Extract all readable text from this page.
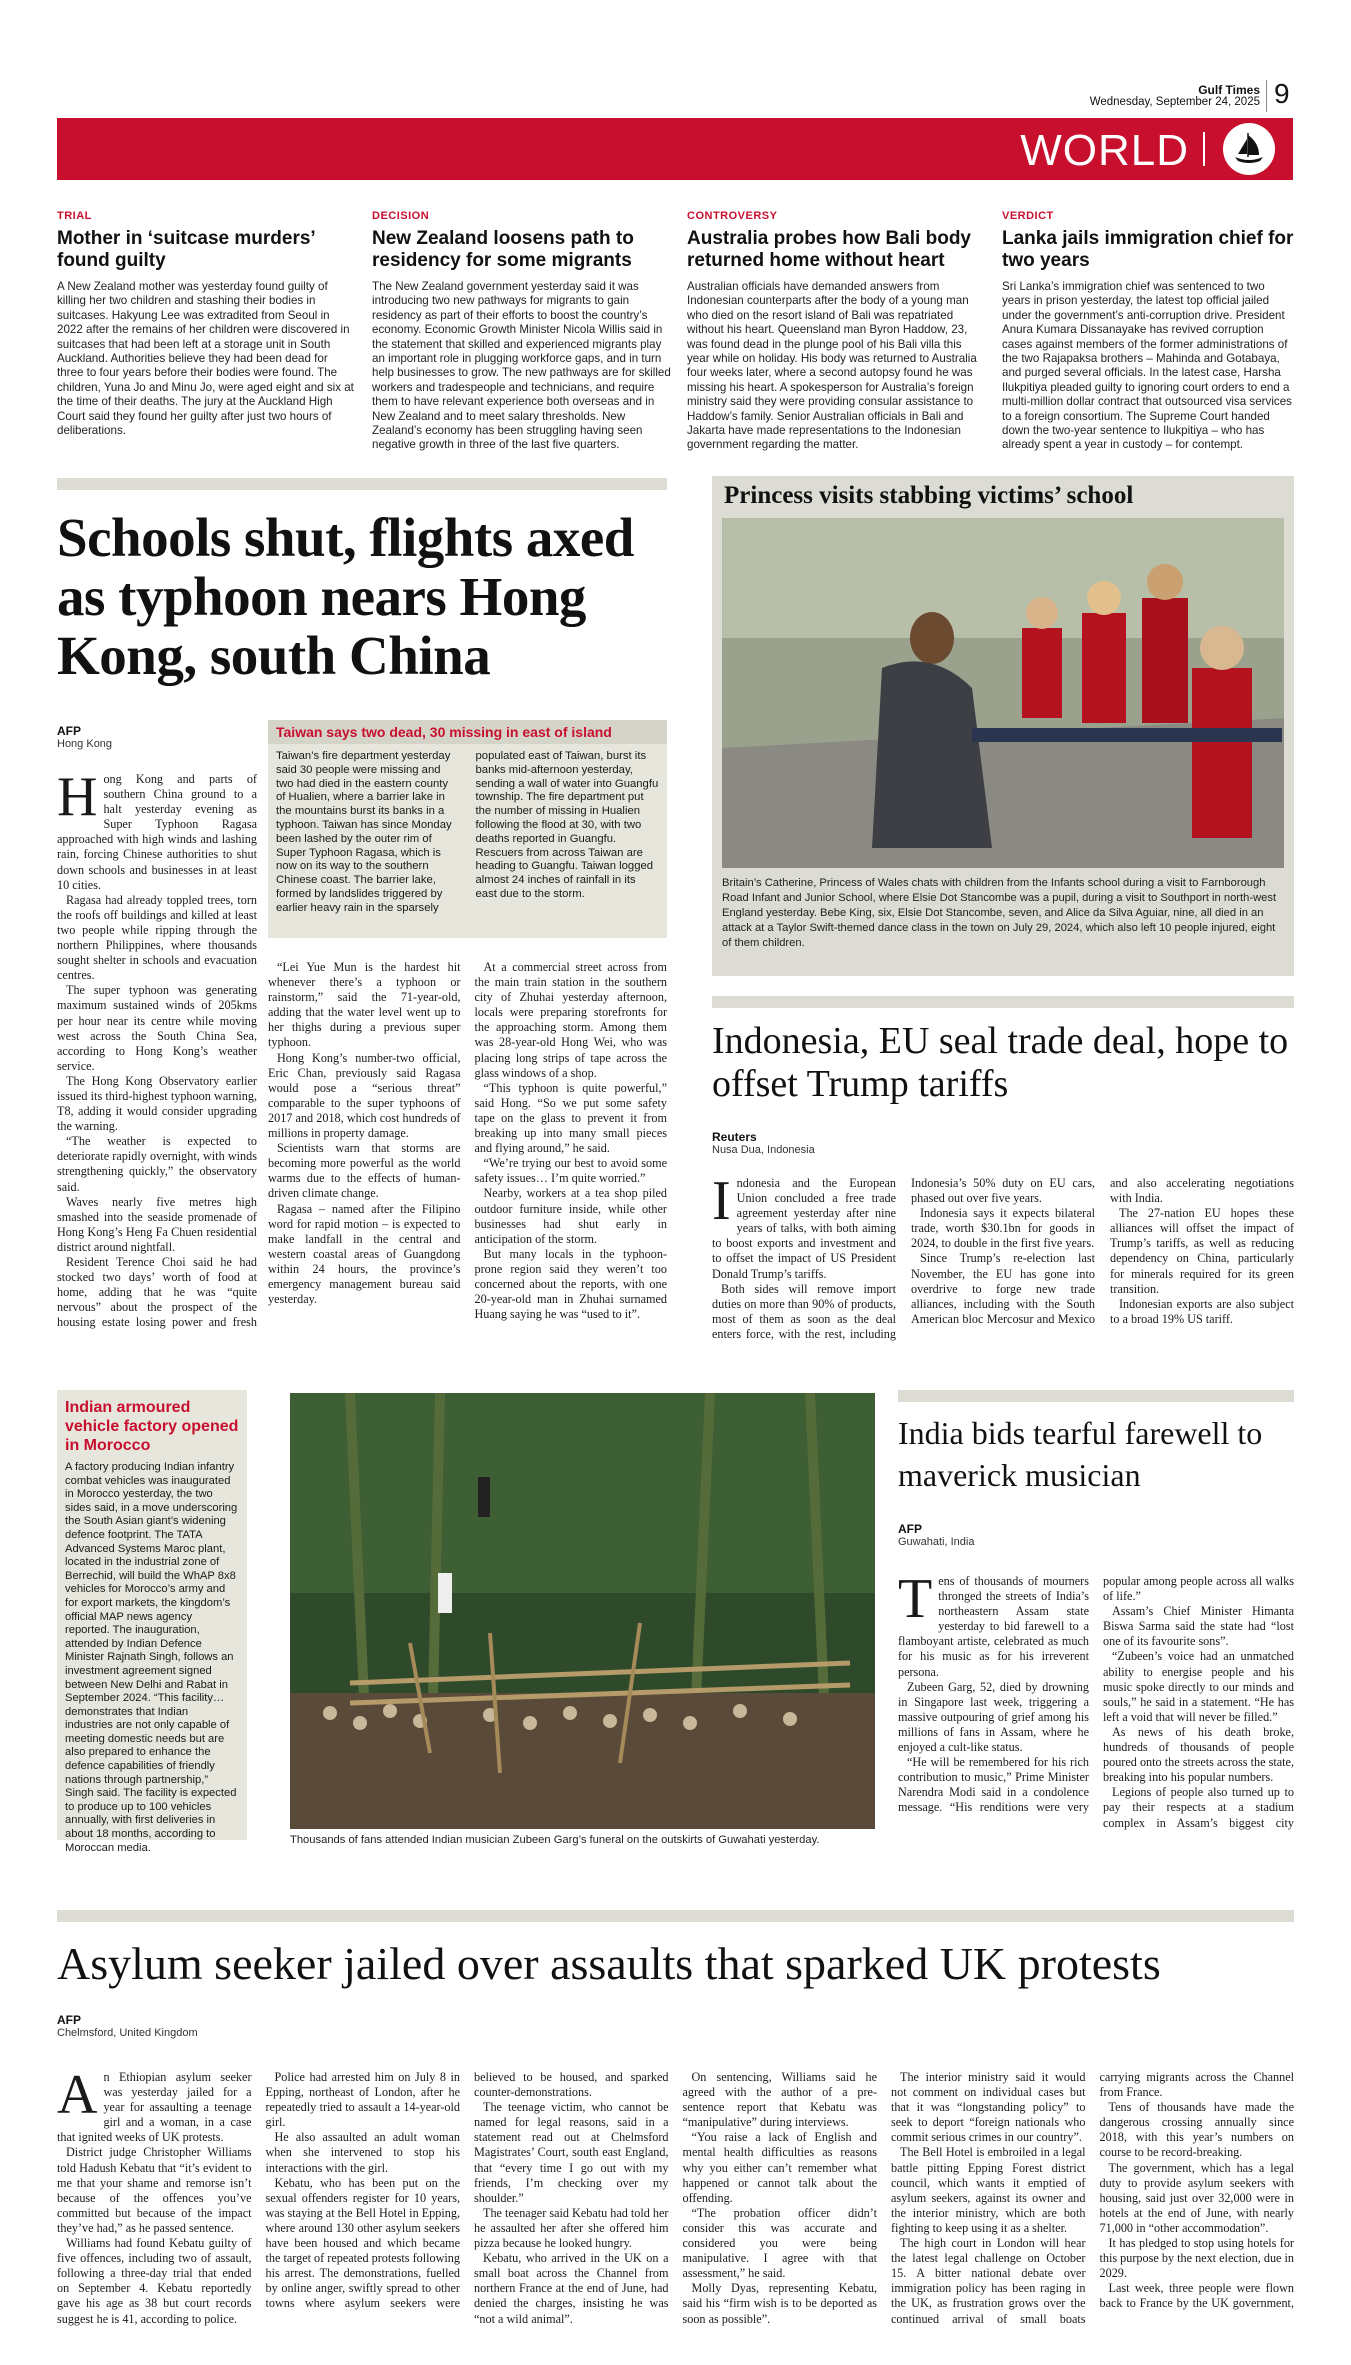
Gulf Times
Wednesday, September 24, 2025 9
WORLD
TRIAL
Mother in ‘suitcase murders’ found guilty
A New Zealand mother was yesterday found guilty of killing her two children and stashing their bodies in suitcases. Hakyung Lee was extradited from Seoul in 2022 after the remains of her children were discovered in suitcases that had been left at a storage unit in South Auckland. Authorities believe they had been dead for three to four years before their bodies were found. The children, Yuna Jo and Minu Jo, were aged eight and six at the time of their deaths. The jury at the Auckland High Court said they found her guilty after just two hours of deliberations.
DECISION
New Zealand loosens path to residency for some migrants
The New Zealand government yesterday said it was introducing two new pathways for migrants to gain residency as part of their efforts to boost the country’s economy. Economic Growth Minister Nicola Willis said in the statement that skilled and experienced migrants play an important role in plugging workforce gaps, and in turn help businesses to grow. The new pathways are for skilled workers and tradespeople and technicians, and require them to have relevant experience both overseas and in New Zealand and to meet salary thresholds. New Zealand’s economy has been struggling having seen negative growth in three of the last five quarters.
CONTROVERSY
Australia probes how Bali body returned home without heart
Australian officials have demanded answers from Indonesian counterparts after the body of a young man who died on the resort island of Bali was repatriated without his heart. Queensland man Byron Haddow, 23, was found dead in the plunge pool of his Bali villa this year while on holiday. His body was returned to Australia four weeks later, where a second autopsy found he was missing his heart. A spokesperson for Australia’s foreign ministry said they were providing consular assistance to Haddow’s family. Senior Australian officials in Bali and Jakarta have made representations to the Indonesian government regarding the matter.
VERDICT
Lanka jails immigration chief for two years
Sri Lanka’s immigration chief was sentenced to two years in prison yesterday, the latest top official jailed under the government’s anti-corruption drive. President Anura Kumara Dissanayake has revived corruption cases against members of the former administrations of the two Rajapaksa brothers – Mahinda and Gotabaya, and purged several officials. In the latest case, Harsha Ilukpitiya pleaded guilty to ignoring court orders to end a multi-million dollar contract that outsourced visa services to a foreign consortium. The Supreme Court handed down the two-year sentence to Ilukpitiya – who has already spent a year in custody – for contempt.
Schools shut, flights axed as typhoon nears Hong Kong, south China
AFP
Hong Kong
H ong Kong and parts of southern China ground to a halt yesterday evening as Super Typhoon Ragasa approached with high winds and lashing rain, forcing Chinese authorities to shut down schools and businesses in at least 10 cities.

Ragasa had already toppled trees, torn the roofs off buildings and killed at least two people while ripping through the northern Philippines, where thousands sought shelter in schools and evacuation centres.

The super typhoon was generating maximum sustained winds of 205kms per hour near its centre while moving west across the South China Sea, according to Hong Kong’s weather service.

The Hong Kong Observatory earlier issued its third-highest typhoon warning, T8, adding it would consider upgrading the warning.

“The weather is expected to deteriorate rapidly overnight, with winds strengthening quickly,” the observatory said.

Waves nearly five metres high smashed into the seaside promenade of Hong Kong’s Heng Fa Chuen residential district around nightfall.

Resident Terence Choi said he had stocked two days’ worth of food at home, adding that he was “quite nervous” about the prospect of the housing estate losing power and fresh

Taiwan says two dead, 30 missing in east of island
Taiwan’s fire department yesterday said 30 people were missing and two had died in the eastern county of Hualien, where a barrier lake in the mountains burst its banks in a typhoon. Taiwan has since Monday been lashed by the outer rim of Super Typhoon Ragasa, which is now on its way to the southern Chinese coast. The barrier lake, formed by landslides triggered by earlier heavy rain in the sparsely populated east of Taiwan, burst its banks mid-afternoon yesterday, sending a wall of water into Guangfu township. The fire department put the number of missing in Hualien following the flood at 30, with two deaths reported in Guangfu. Rescuers from across Taiwan are heading to Guangfu. Taiwan logged almost 24 inches of rainfall in its east due to the storm.

“Lei Yue Mun is the hardest hit whenever there’s a typhoon or rainstorm,” said the 71-year-old, adding that the water level went up to her thighs during a previous super typhoon.

Hong Kong’s number-two official, Eric Chan, previously said Ragasa would pose a “serious threat” comparable to the super typhoons of 2017 and 2018, which cost hundreds of millions in property damage.

Scientists warn that storms are becoming more powerful as the world warms due to the effects of human-driven climate change.

Ragasa – named after the Filipino word for rapid motion – is expected to make landfall in the central and western coastal areas of Guangdong within 24 hours, the province’s emergency management bureau said yesterday.

At a commercial street across from the main train station in the southern city of Zhuhai yesterday afternoon, locals were preparing storefronts for the approaching storm. Among them was 28-year-old Hong Wei, who was placing long strips of tape across the glass windows of a shop.

“This typhoon is quite powerful,” said Hong. “So we put some safety tape on the glass to prevent it from breaking up into many small pieces and flying around,” he said.

“We’re trying our best to avoid some safety issues… I’m quite worried.”

Nearby, workers at a tea shop piled outdoor furniture inside, while other businesses had shut early in anticipation of the storm.

But many locals in the typhoon-prone region said they weren’t too concerned about the reports, with one 20-year-old man in Zhuhai surnamed Huang saying he was “used to it”.

Princess visits stabbing victims’ school
Britain’s Catherine, Princess of Wales chats with children from the Infants school during a visit to Farnborough Road Infant and Junior School, where Elsie Dot Stancombe was a pupil, during a visit to Southport in north-west England yesterday. Bebe King, six, Elsie Dot Stancombe, seven, and Alice da Silva Aguiar, nine, all died in an attack at a Taylor Swift-themed dance class in the town on July 29, 2024, which also left 10 people injured, eight of them children.
Indonesia, EU seal trade deal, hope to offset Trump tariffs
Reuters
Nusa Dua, Indonesia
I ndonesia and the European Union concluded a free trade agreement yesterday after nine years of talks, with both aiming to boost exports and investment and to offset the impact of US President Donald Trump’s tariffs.

Both sides will remove import duties on more than 90% of products, most of them as soon as the deal enters force, with the rest, including Indonesia’s 50% duty on EU cars, phased out over five years.

Indonesia says it expects bilateral trade, worth $30.1bn for goods in 2024, to double in the first five years.

Since Trump’s re-election last November, the EU has gone into overdrive to forge new trade alliances, including with the South American bloc Mercosur and Mexico and also accelerating negotiations with India.

The 27-nation EU hopes these alliances will offset the impact of Trump’s tariffs, as well as reducing dependency on China, particularly for minerals required for its green transition.

Indonesian exports are also subject to a broad 19% US tariff.

Indian armoured vehicle factory opened in Morocco
A factory producing Indian infantry combat vehicles was inaugurated in Morocco yesterday, the two sides said, in a move underscoring the South Asian giant’s widening defence footprint. The TATA Advanced Systems Maroc plant, located in the industrial zone of Berrechid, will build the WhAP 8x8 vehicles for Morocco’s army and for export markets, the kingdom’s official MAP news agency reported. The inauguration, attended by Indian Defence Minister Rajnath Singh, follows an investment agreement signed between New Delhi and Rabat in September 2024. “This facility… demonstrates that Indian industries are not only capable of meeting domestic needs but are also prepared to enhance the defence capabilities of friendly nations through partnership,” Singh said. The facility is expected to produce up to 100 vehicles annually, with first deliveries in about 18 months, according to Moroccan media.
Thousands of fans attended Indian musician Zubeen Garg’s funeral on the outskirts of Guwahati yesterday.
India bids tearful farewell to maverick musician
AFP
Guwahati, India
T ens of thousands of mourners thronged the streets of India’s northeastern Assam state yesterday to bid farewell to a flamboyant artiste, celebrated as much for his music as for his irreverent persona.

Zubeen Garg, 52, died by drowning in Singapore last week, triggering a massive outpouring of grief among his millions of fans in Assam, where he enjoyed a cult-like status.

“He will be remembered for his rich contribution to music,” Prime Minister Narendra Modi said in a condolence message. “His renditions were very popular among people across all walks of life.”

Assam’s Chief Minister Himanta Biswa Sarma said the state had “lost one of its favourite sons”.

“Zubeen’s voice had an unmatched ability to energise people and his music spoke directly to our minds and souls,” he said in a statement. “He has left a void that will never be filled.”

As news of his death broke, hundreds of thousands of people poured onto the streets across the state, breaking into his popular numbers.

Legions of people also turned up to pay their respects at a stadium complex in Assam’s biggest city

Asylum seeker jailed over assaults that sparked UK protests
AFP
Chelmsford, United Kingdom
A n Ethiopian asylum seeker was yesterday jailed for a year for assaulting a teenage girl and a woman, in a case that ignited weeks of UK protests.

District judge Christopher Williams told Hadush Kebatu that “it’s evident to me that your shame and remorse isn’t because of the offences you’ve committed but because of the impact they’ve had,” as he passed sentence.

Williams had found Kebatu guilty of five offences, including two of assault, following a three-day trial that ended on September 4. Kebatu reportedly gave his age as 38 but court records suggest he is 41, according to police.

Police had arrested him on July 8 in Epping, northeast of London, after he repeatedly tried to assault a 14-year-old girl.

He also assaulted an adult woman when she intervened to stop his interactions with the girl.

Kebatu, who has been put on the sexual offenders register for 10 years, was staying at the Bell Hotel in Epping, where around 130 other asylum seekers have been housed and which became the target of repeated protests following his arrest. The demonstrations, fuelled by online anger, swiftly spread to other towns where asylum seekers were believed to be housed, and sparked counter-demonstrations.

The teenage victim, who cannot be named for legal reasons, said in a statement read out at Chelmsford Magistrates’ Court, south east England, that “every time I go out with my friends, I’m checking over my shoulder.”

The teenager said Kebatu had told her he assaulted her after she offered him pizza because he looked hungry.

Kebatu, who arrived in the UK on a small boat across the Channel from northern France at the end of June, had denied the charges, insisting he was “not a wild animal”.

On sentencing, Williams said he agreed with the author of a pre-sentence report that Kebatu was “manipulative” during interviews.

“You raise a lack of English and mental health difficulties as reasons why you either can’t remember what happened or cannot talk about the offending.

“The probation officer didn’t consider this was accurate and considered you were being manipulative. I agree with that assessment,” he said.

Molly Dyas, representing Kebatu, said his “firm wish is to be deported as soon as possible”.

The interior ministry said it would not comment on individual cases but that it was “longstanding policy” to seek to deport “foreign nationals who commit serious crimes in our country”.

The Bell Hotel is embroiled in a legal battle pitting Epping Forest district council, which wants it emptied of asylum seekers, against its owner and the interior ministry, which are both fighting to keep using it as a shelter.

The high court in London will hear the latest legal challenge on October 15. A bitter national debate over immigration policy has been raging in the UK, as frustration grows over the continued arrival of small boats carrying migrants across the Channel from France.

Tens of thousands have made the dangerous crossing annually since 2018, with this year’s numbers on course to be record-breaking.

The government, which has a legal duty to provide asylum seekers with housing, said just over 32,000 were in hotels at the end of June, with nearly 71,000 in “other accommodation”.

It has pledged to stop using hotels for this purpose by the next election, due in 2029.

Last week, three people were flown back to France by the UK government,
